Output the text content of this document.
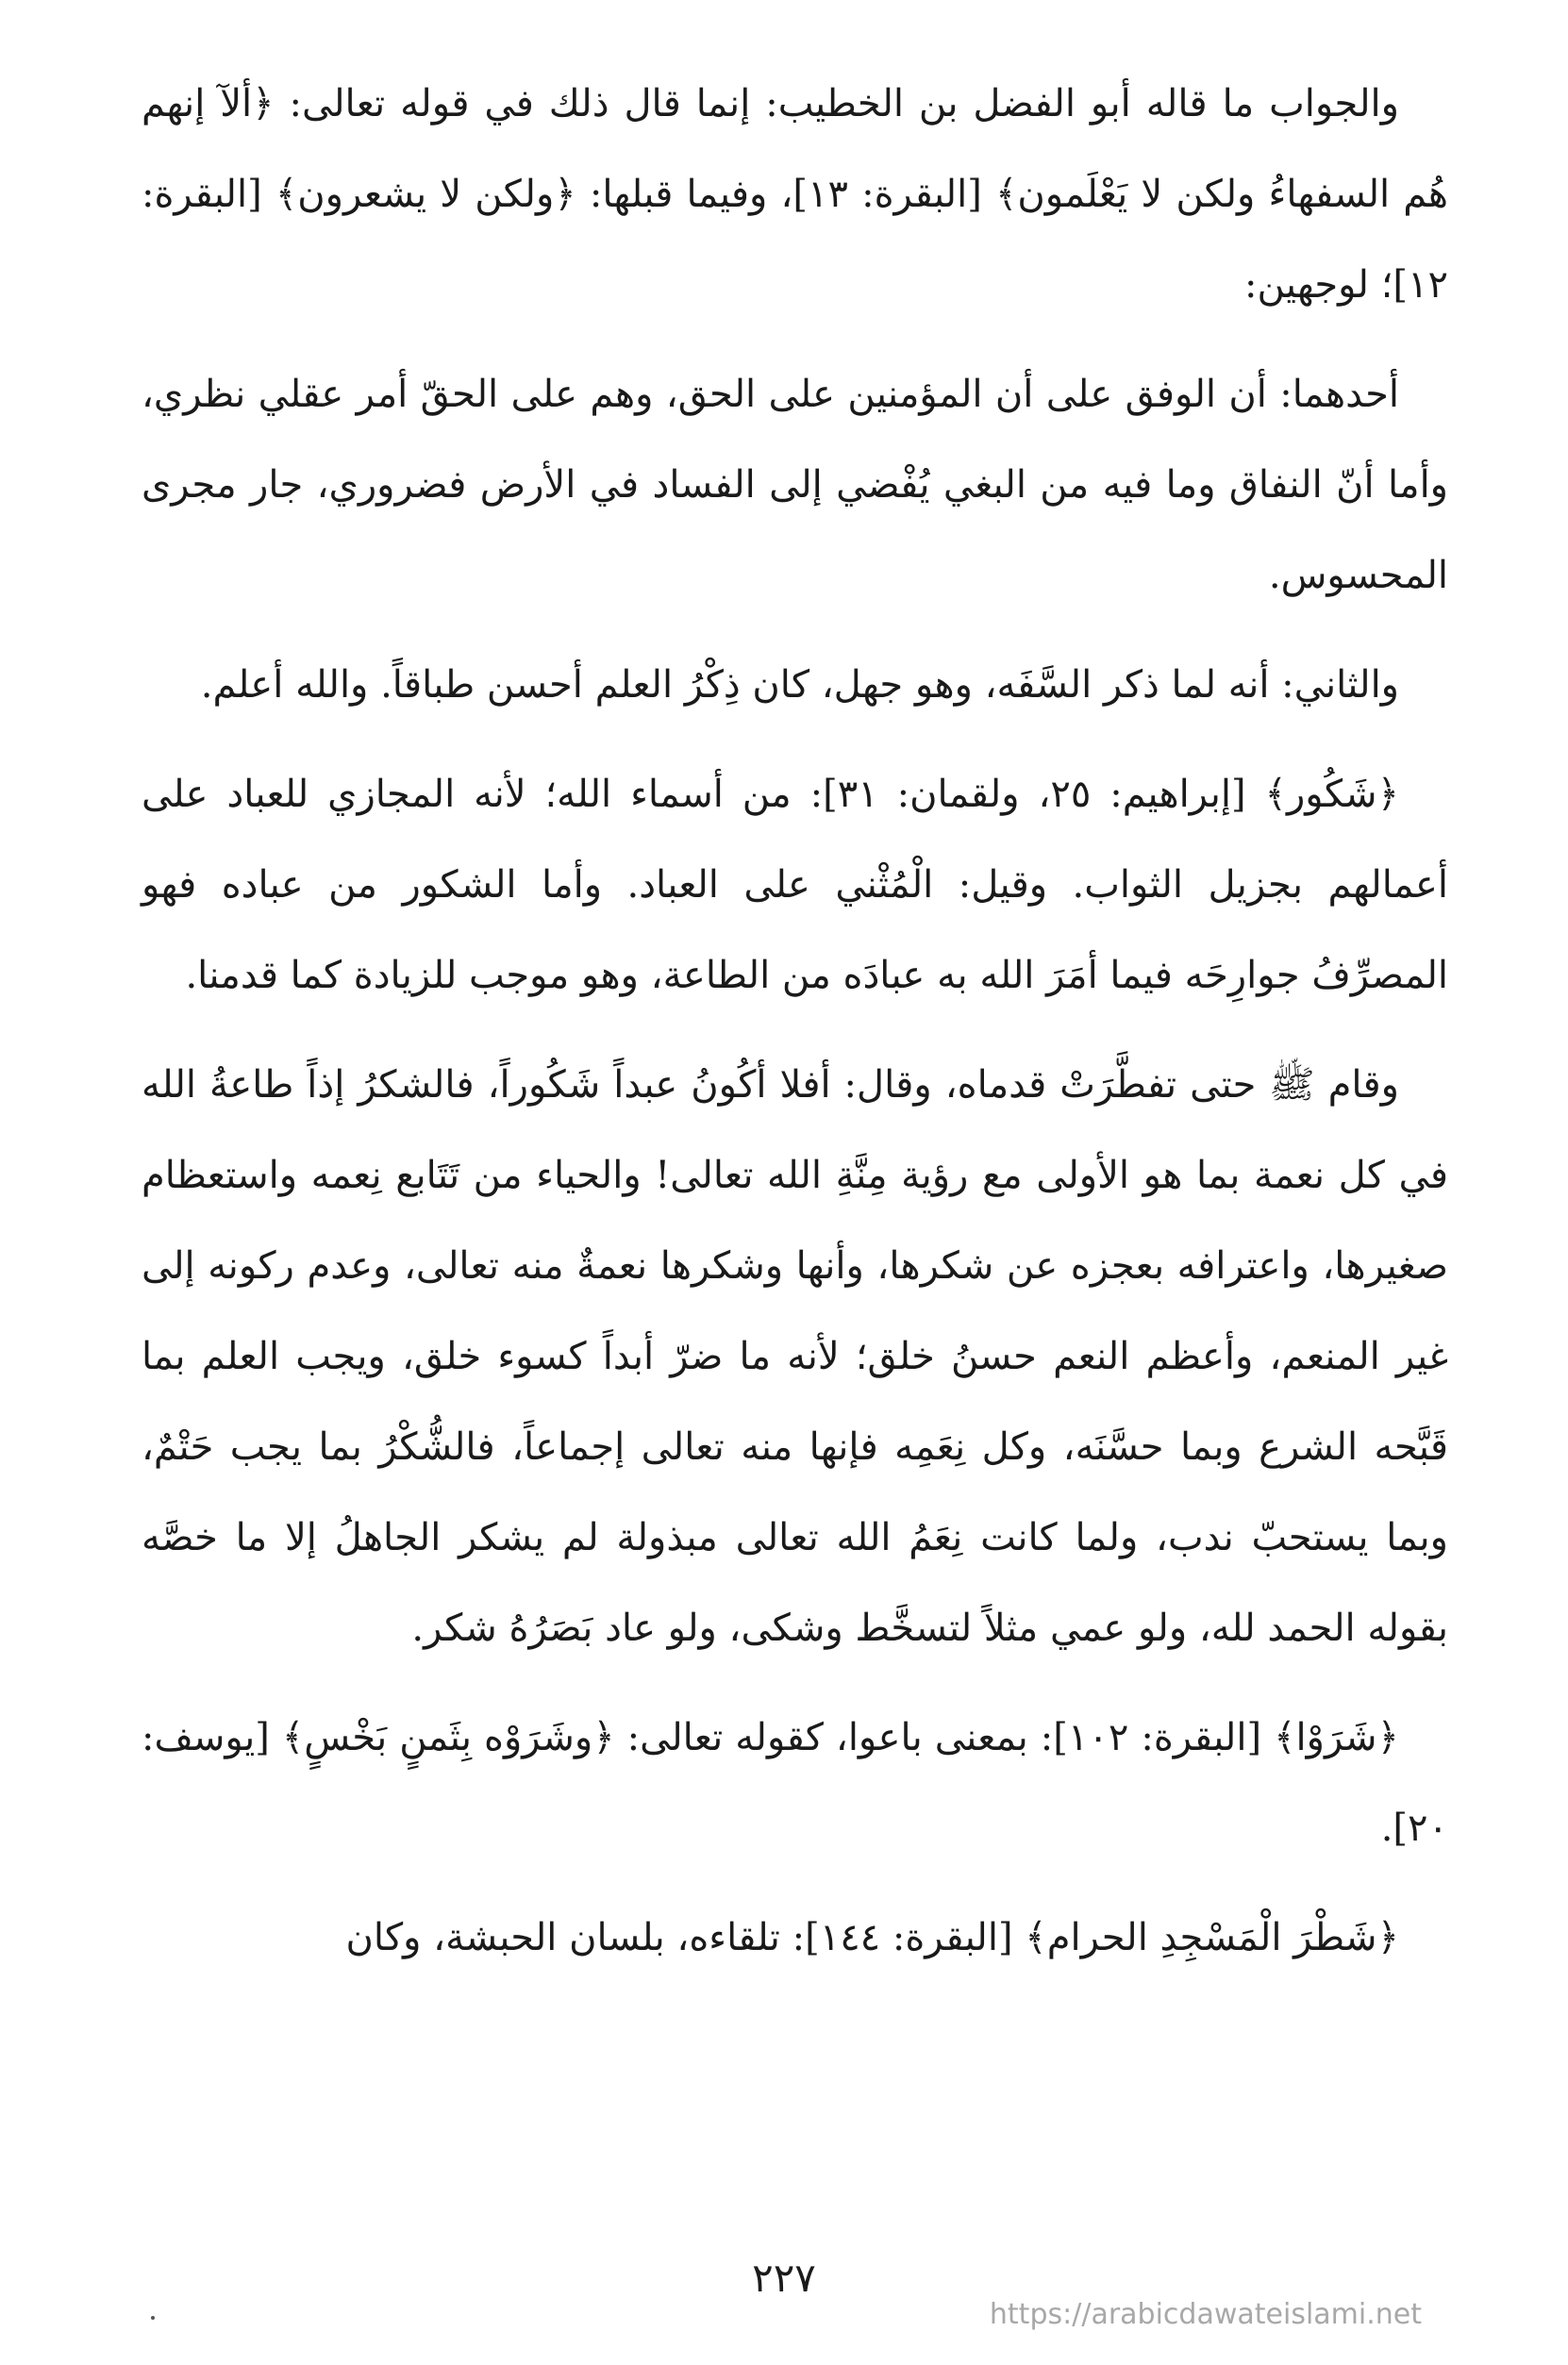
والجواب ما قاله أبو الفضل بن الخطيب: إنما قال ذلك في قوله تعالى: ﴿ألآ إنهم هُم السفهاءُ ولكن لا يَعْلَمون﴾ [البقرة: ١٣]، وفيما قبلها: ﴿ولكن لا يشعرون﴾ [البقرة: ١٢]؛ لوجهين:

أحدهما: أن الوفق على أن المؤمنين على الحق، وهم على الحقّ أمر عقلي نظري، وأما أنّ النفاق وما فيه من البغي يُفْضي إلى الفساد في الأرض فضروري، جار مجرى المحسوس.

والثاني: أنه لما ذكر السَّفَه، وهو جهل، كان ذِكْرُ العلم أحسن طباقاً. والله أعلم.

﴿شَكُور﴾ [إبراهيم: ٢٥، ولقمان: ٣١]: من أسماء الله؛ لأنه المجازي للعباد على أعمالهم بجزيل الثواب. وقيل: الْمُثْني على العباد. وأما الشكور من عباده فهو المصرِّفُ جوارِحَه فيما أمَرَ الله به عبادَه من الطاعة، وهو موجب للزيادة كما قدمنا.

وقام ﷺ حتى تفطَّرَتْ قدماه، وقال: أفلا أكُونُ عبداً شَكُوراً، فالشكرُ إذاً طاعةُ الله في كل نعمة بما هو الأولى مع رؤية مِنَّةِ الله تعالى! والحياء من تَتَابع نِعمه واستعظام صغيرها، واعترافه بعجزه عن شكرها، وأنها وشكرها نعمةٌ منه تعالى، وعدم ركونه إلى غير المنعم، وأعظم النعم حسنُ خلق؛ لأنه ما ضرّ أبداً كسوء خلق، ويجب العلم بما قَبَّحه الشرع وبما حسَّنَه، وكل نِعَمِه فإنها منه تعالى إجماعاً، فالشُّكْرُ بما يجب حَتْمٌ، وبما يستحبّ ندب، ولما كانت نِعَمُ الله تعالى مبذولة لم يشكر الجاهلُ إلا ما خصَّه بقوله الحمد لله، ولو عمي مثلاً لتسخَّط وشكى، ولو عاد بَصَرُهُ شكر.

﴿شَرَوْا﴾ [البقرة: ١٠٢]: بمعنى باعوا، كقوله تعالى: ﴿وشَرَوْه بِثَمنٍ بَخْسٍ﴾ [يوسف: ٢٠].

﴿شَطْرَ الْمَسْجِدِ الحرام﴾ [البقرة: ١٤٤]: تلقاءه، بلسان الحبشة، وكان

٢٢٧
https://arabicdawateislami.net
